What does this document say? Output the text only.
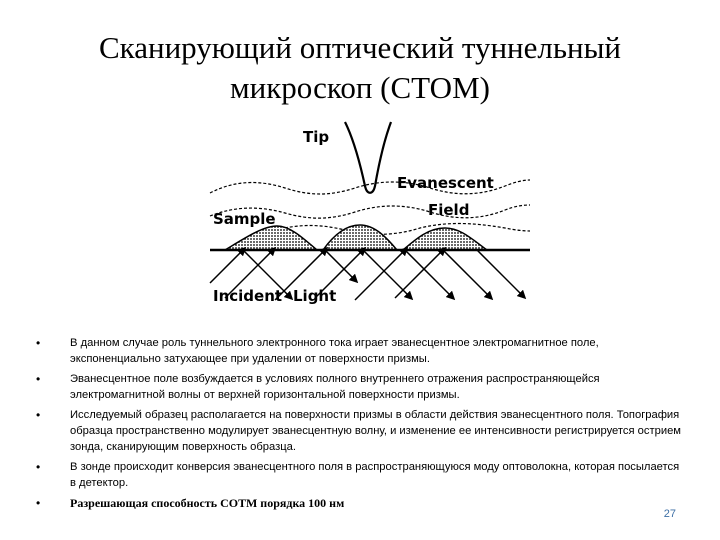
Сканирующий оптический туннельный
микроскоп (СТОМ)
Tip
Evanescent
Field
Sample
Incident Light
•	В данном случае роль туннельного электронного тока играет эванесцентное электромагнитное поле, экспоненциально затухающее при удалении от поверхности призмы.
•	Эванесцентное поле возбуждается в условиях полного внутреннего отражения распространяющейся электромагнитной волны от верхней горизонтальной поверхности призмы.
•	Исследуемый образец располагается на поверхности призмы в области действия эванесцентного поля. Топография образца пространственно модулирует эванесцентную волну, и изменение ее интенсивности регистрируется острием зонда, сканирующим поверхность образца.
•	В зонде происходит конверсия эванесцентного поля в распространяющуюся моду оптоволокна, которая посылается в детектор.
• Разрешающая способность СОТМ порядка 100 нм
27
